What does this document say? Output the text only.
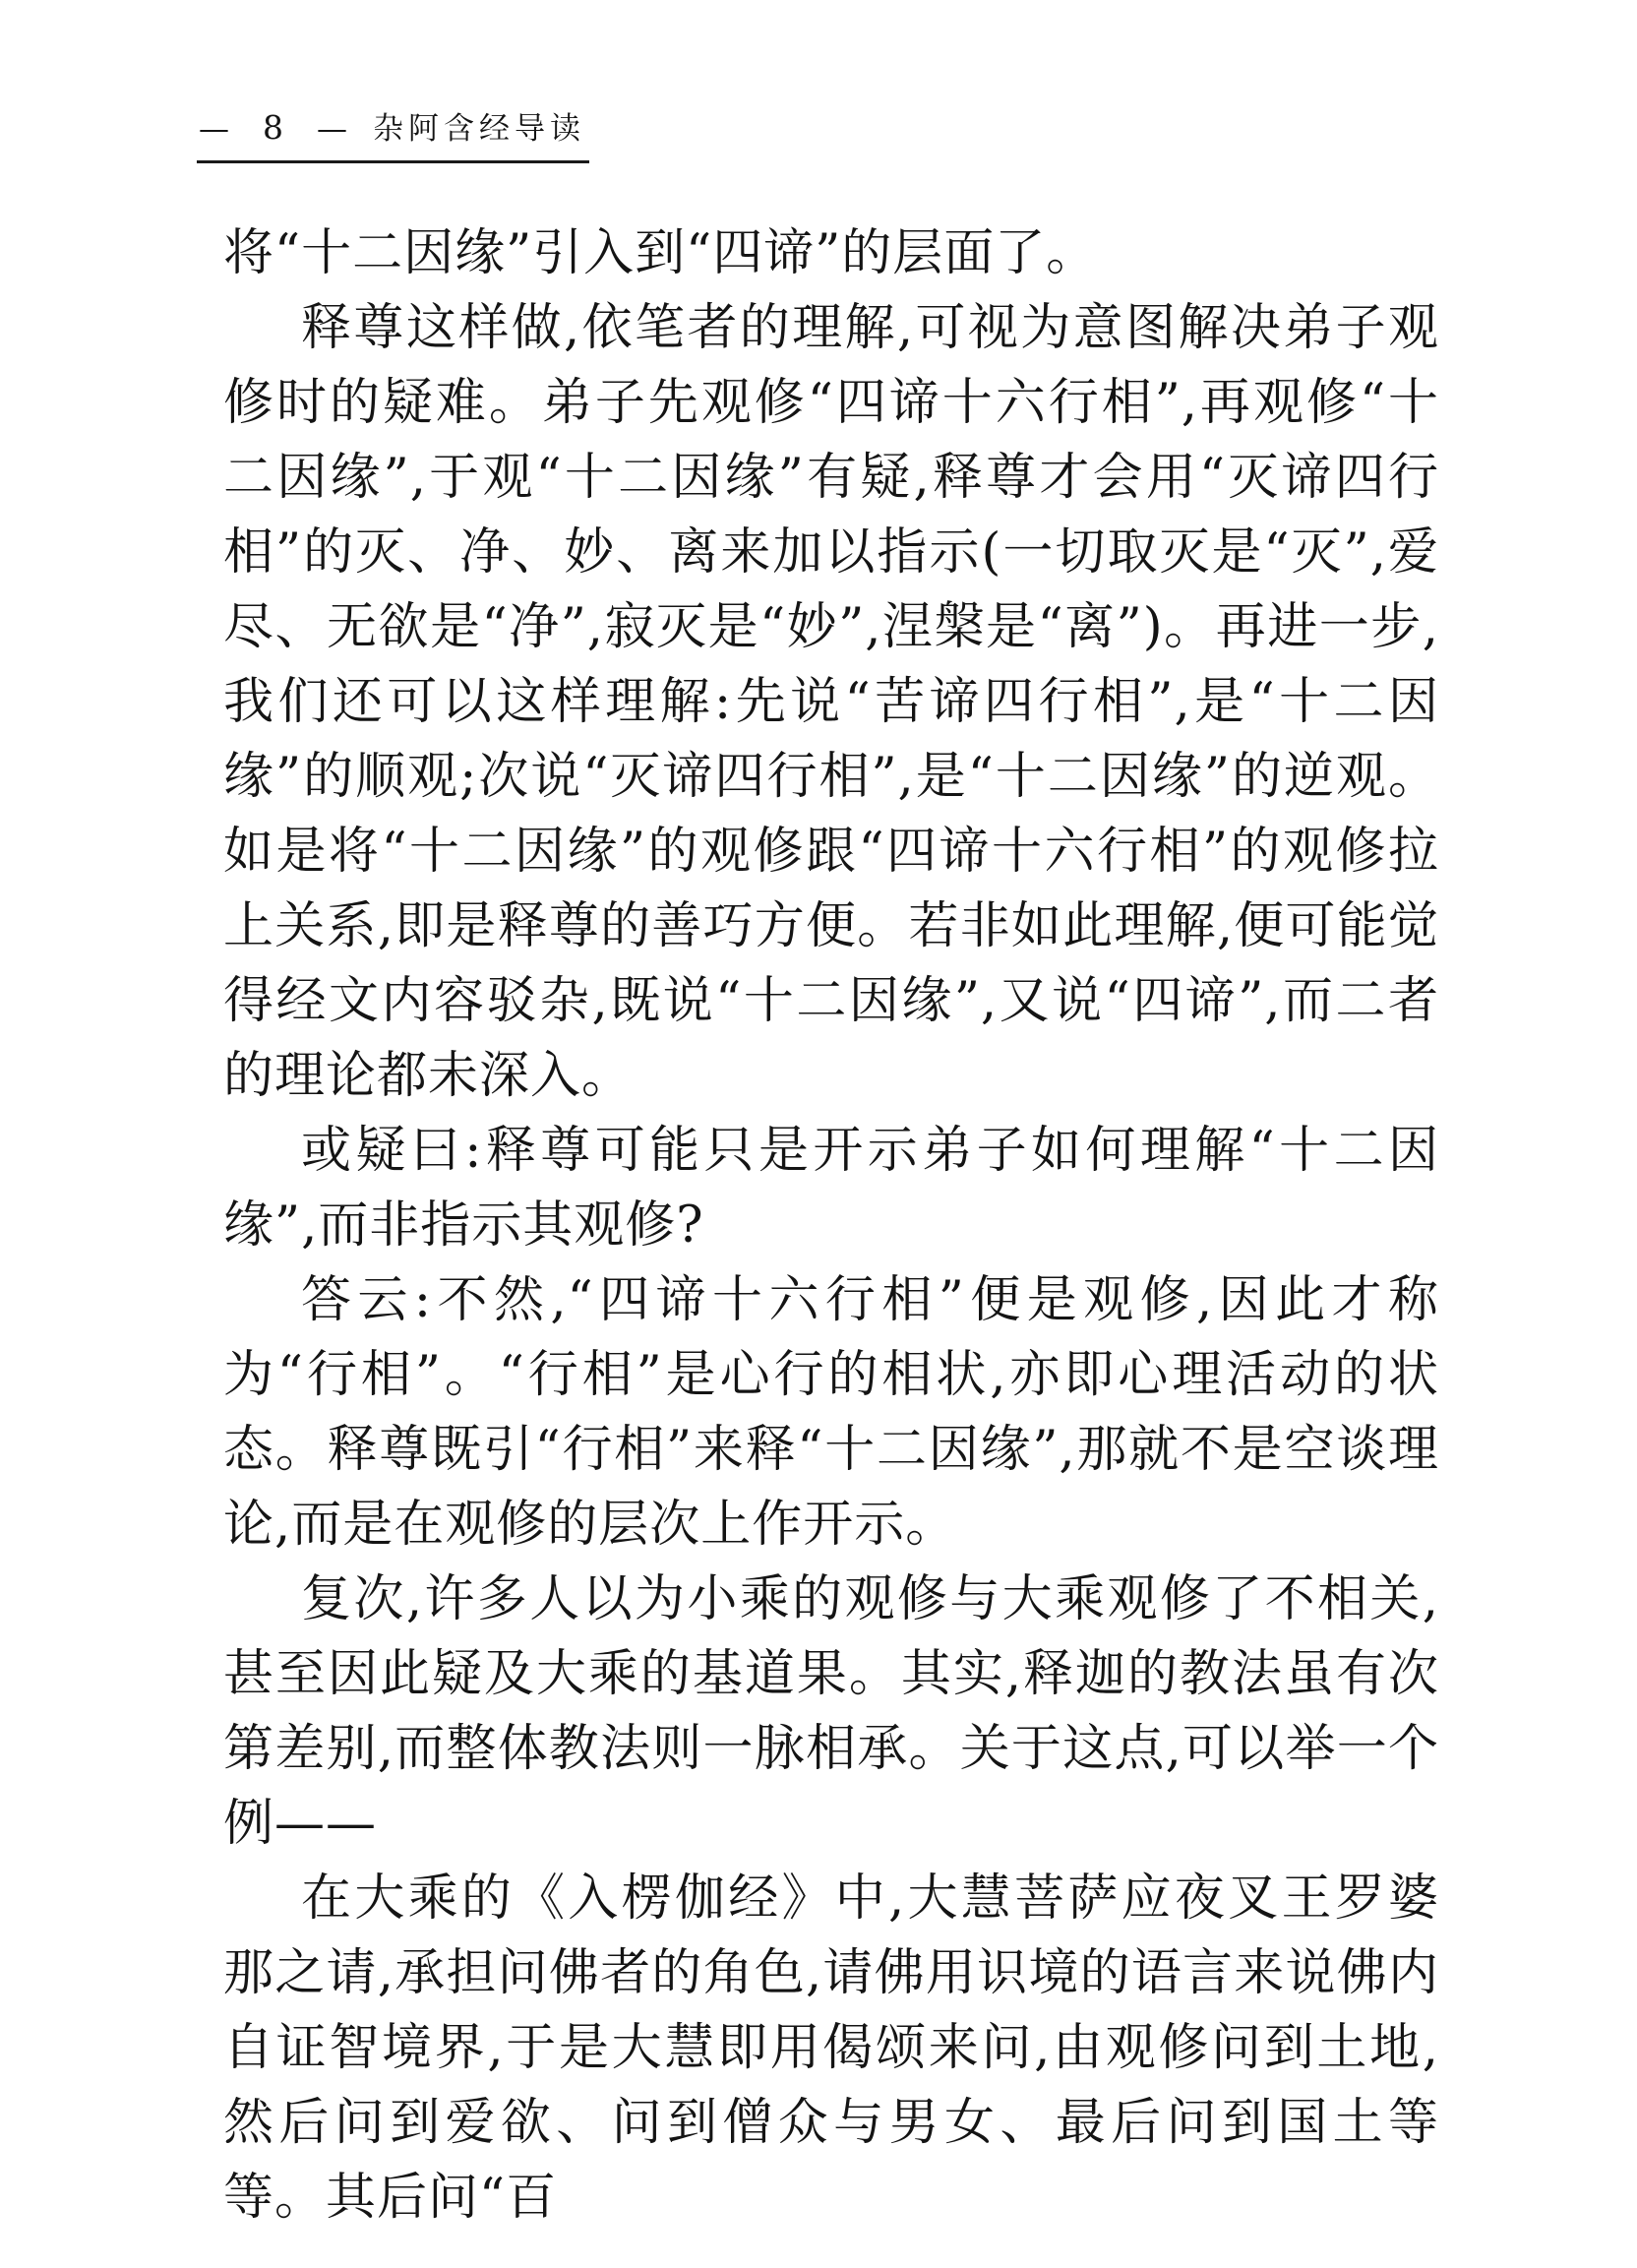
— 8 — 杂阿含经导读

将“十二因缘”引入到“四谛”的层面了。

释尊这样做,依笔者的理解,可视为意图解决弟子观修时的疑难。弟子先观修“四谛十六行相”,再观修“十二因缘”,于观“十二因缘”有疑,释尊才会用“灭谛四行相”的灭、净、妙、离来加以指示(一切取灭是“灭”,爱尽、无欲是“净”,寂灭是“妙”,涅槃是“离”)。再进一步,我们还可以这样理解:先说“苦谛四行相”,是“十二因缘”的顺观;次说“灭谛四行相”,是“十二因缘”的逆观。如是将“十二因缘”的观修跟“四谛十六行相”的观修拉上关系,即是释尊的善巧方便。若非如此理解,便可能觉得经文内容驳杂,既说“十二因缘”,又说“四谛”,而二者的理论都未深入。

或疑曰:释尊可能只是开示弟子如何理解“十二因缘”,而非指示其观修?

答云:不然,“四谛十六行相”便是观修,因此才称为“行相”。“行相”是心行的相状,亦即心理活动的状态。释尊既引“行相”来释“十二因缘”,那就不是空谈理论,而是在观修的层次上作开示。

复次,许多人以为小乘的观修与大乘观修了不相关,甚至因此疑及大乘的基道果。其实,释迦的教法虽有次第差别,而整体教法则一脉相承。关于这点,可以举一个例——

在大乘的《入楞伽经》中,大慧菩萨应夜叉王罗婆那之请,承担问佛者的角色,请佛用识境的语言来说佛内自证智境界,于是大慧即用偈颂来问,由观修问到土地,然后问到爱欲、问到僧众与男女、最后问到国土等等。其后问“百
